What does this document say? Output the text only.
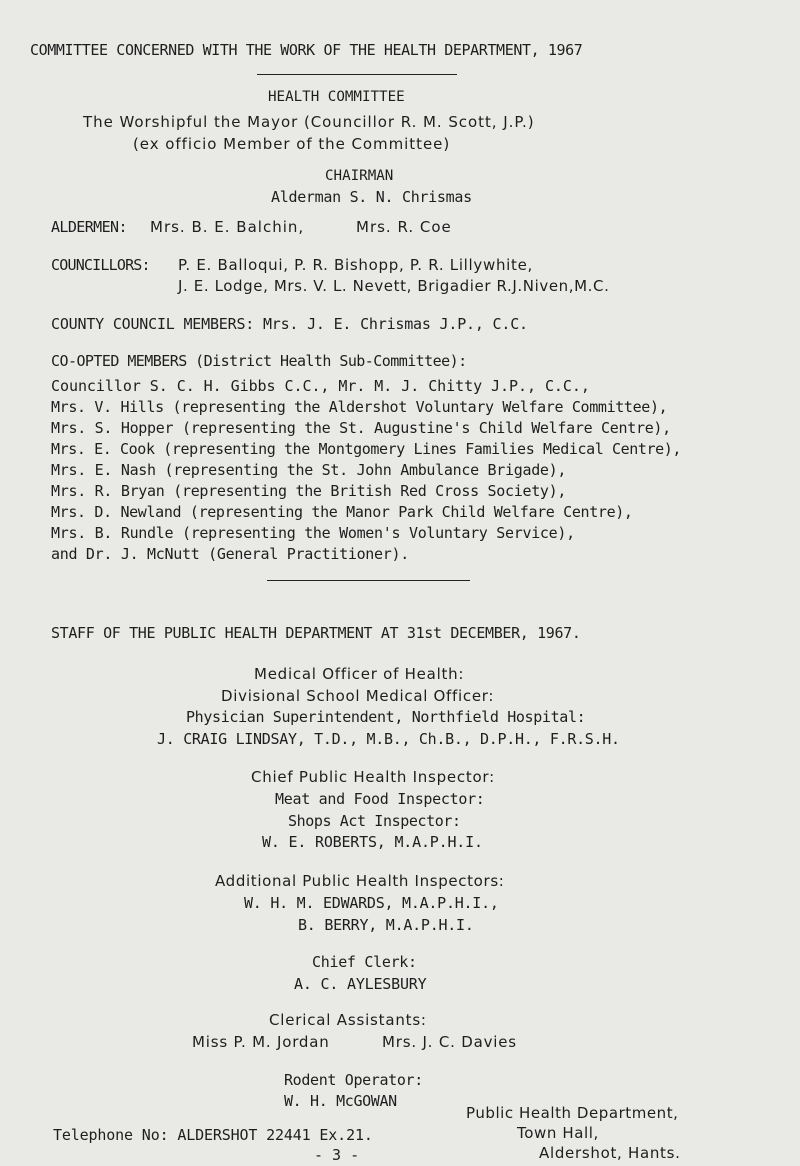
COMMITTEE CONCERNED WITH THE WORK OF THE HEALTH DEPARTMENT, 1967

HEALTH COMMITTEE

The Worshipful the Mayor (Councillor R. M. Scott, J.P.)

(ex officio Member of the Committee)

CHAIRMAN

Alderman S. N. Chrismas

ALDERMEN: Mrs. B. E. Balchin,	Mrs. R. Coe

COUNCILLORS: P. E. Balloqui, P. R. Bishopp, P. R. Lillywhite,

J. E. Lodge, Mrs. V. L. Nevett, Brigadier R.J.Niven,M.C.

COUNTY COUNCIL MEMBERS: Mrs. J. E. Chrismas J.P., C.C.

CO-OPTED MEMBERS (District Health Sub-Committee):

Councillor S. C. H. Gibbs C.C., Mr. M. J. Chitty J.P., C.C.,

Mrs. V. Hills (representing the Aldershot Voluntary Welfare Committee),

Mrs. S. Hopper (representing the St. Augustine's Child Welfare Centre),

Mrs. E. Cook (representing the Montgomery Lines Families Medical Centre),

Mrs. E. Nash (representing the St. John Ambulance Brigade),

Mrs. R. Bryan (representing the British Red Cross Society),

Mrs. D. Newland (representing the Manor Park Child Welfare Centre),

Mrs. B. Rundle (representing the Women's Voluntary Service),

and Dr. J. McNutt (General Practitioner).

STAFF OF THE PUBLIC HEALTH DEPARTMENT AT 31st DECEMBER, 1967.

Medical Officer of Health:

Divisional School Medical Officer:

Physician Superintendent, Northfield Hospital:

J. CRAIG LINDSAY, T.D., M.B., Ch.B., D.P.H., F.R.S.H.

Chief Public Health Inspector:

Meat and Food Inspector:

Shops Act Inspector:

W. E. ROBERTS, M.A.P.H.I.

Additional Public Health Inspectors:

W. H. M. EDWARDS, M.A.P.H.I.,

B. BERRY, M.A.P.H.I.

Chief Clerk:

A. C. AYLESBURY

Clerical Assistants:

Miss P. M. Jordan	Mrs. J. C. Davies

Rodent Operator:

W. H. McGOWAN

Public Health Department,

Town Hall,

Telephone No: ALDERSHOT 22441 Ex.21.

Aldershot, Hants.

- 3 -
